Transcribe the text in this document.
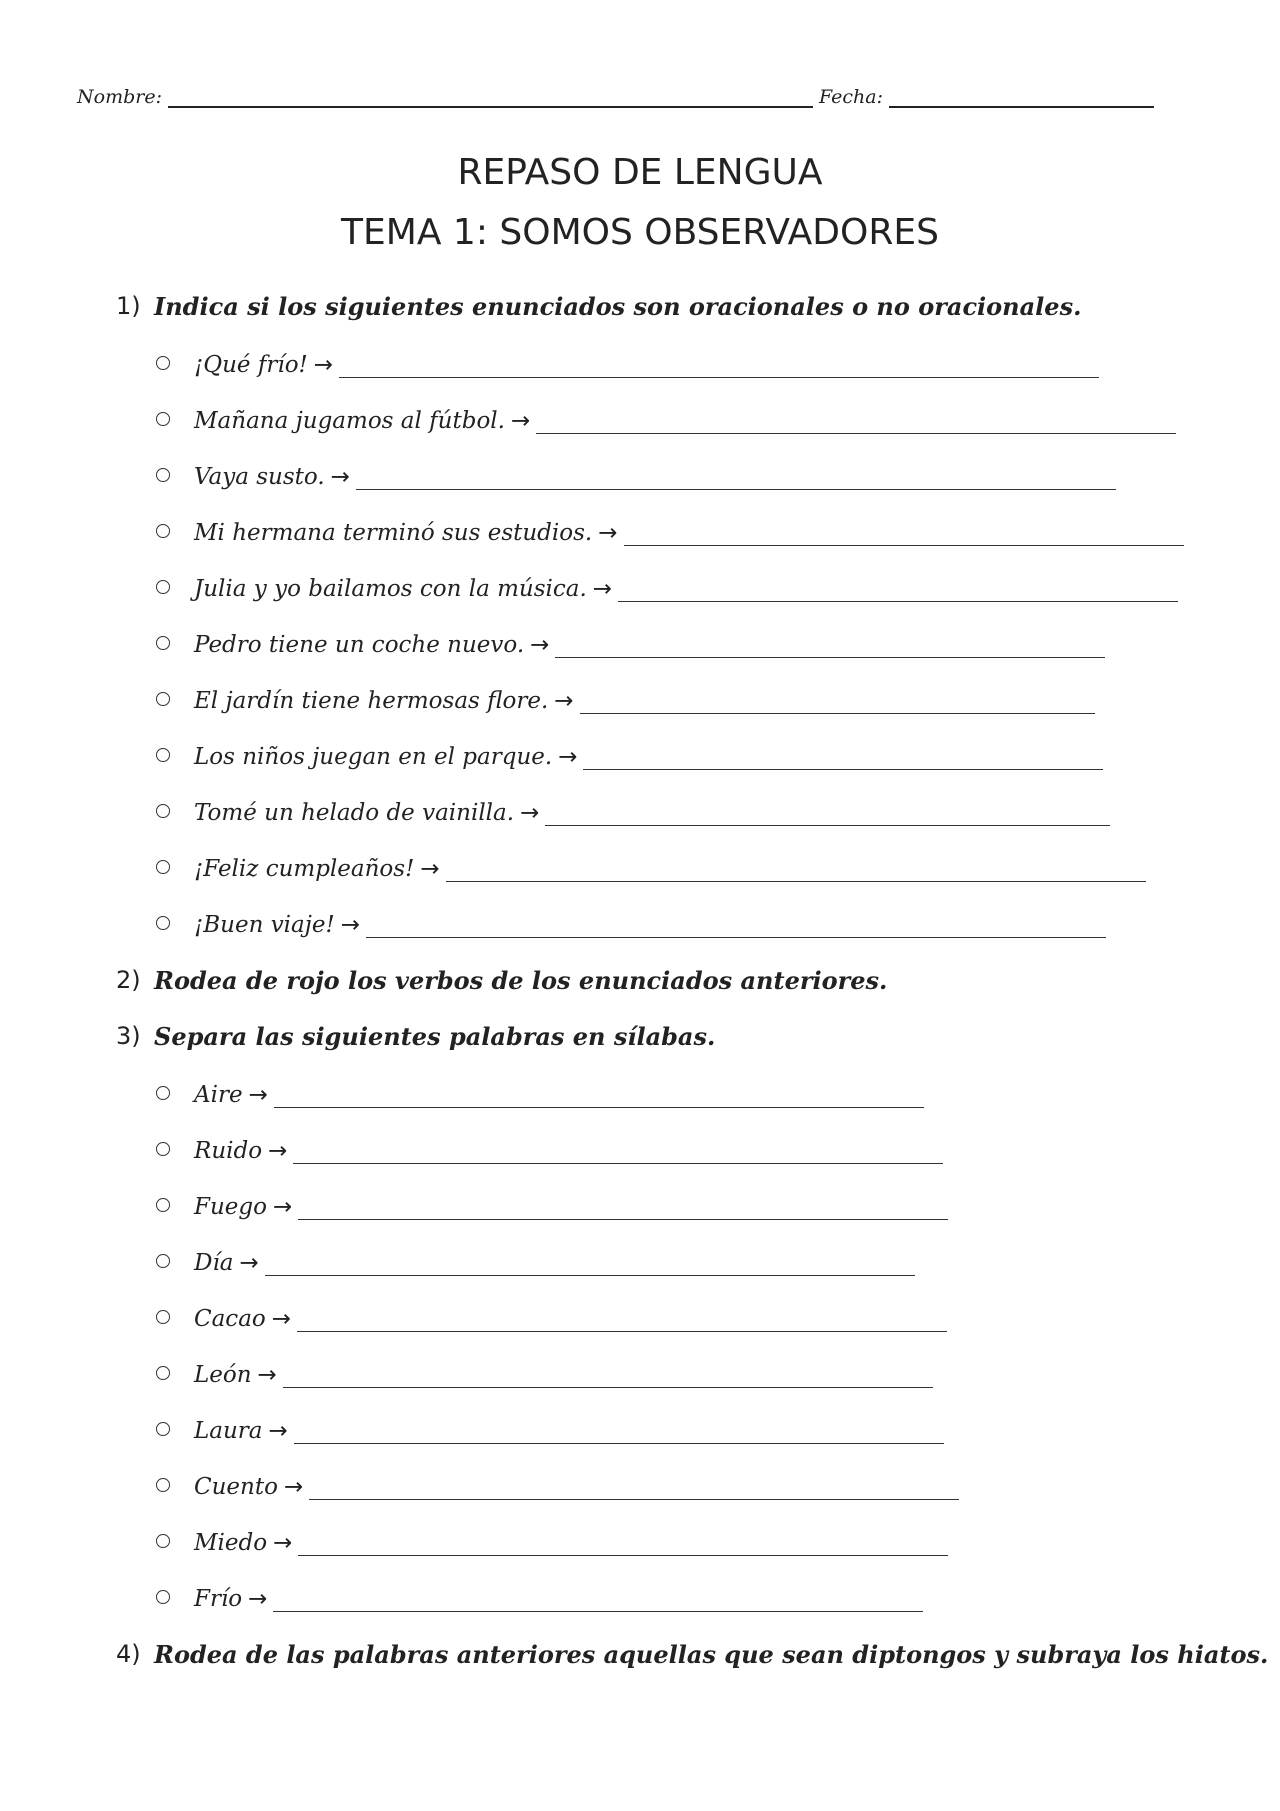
Nombre:	Fecha:
REPASO DE LENGUA
TEMA 1: SOMOS OBSERVADORES
1) Indica si los siguientes enunciados son oracionales o no oracionales.
¡Qué frío! →
Mañana jugamos al fútbol. →
Vaya susto. →
Mi hermana terminó sus estudios. →
Julia y yo bailamos con la música. →
Pedro tiene un coche nuevo. →
El jardín tiene hermosas flore. →
Los niños juegan en el parque. →
Tomé un helado de vainilla. →
¡Feliz cumpleaños! →
¡Buen viaje! →
2) Rodea de rojo los verbos de los enunciados anteriores.
3) Separa las siguientes palabras en sílabas.
Aire →
Ruido →
Fuego →
Día →
Cacao →
León →
Laura →
Cuento →
Miedo →
Frío →
4) Rodea de las palabras anteriores aquellas que sean diptongos y subraya los hiatos.
